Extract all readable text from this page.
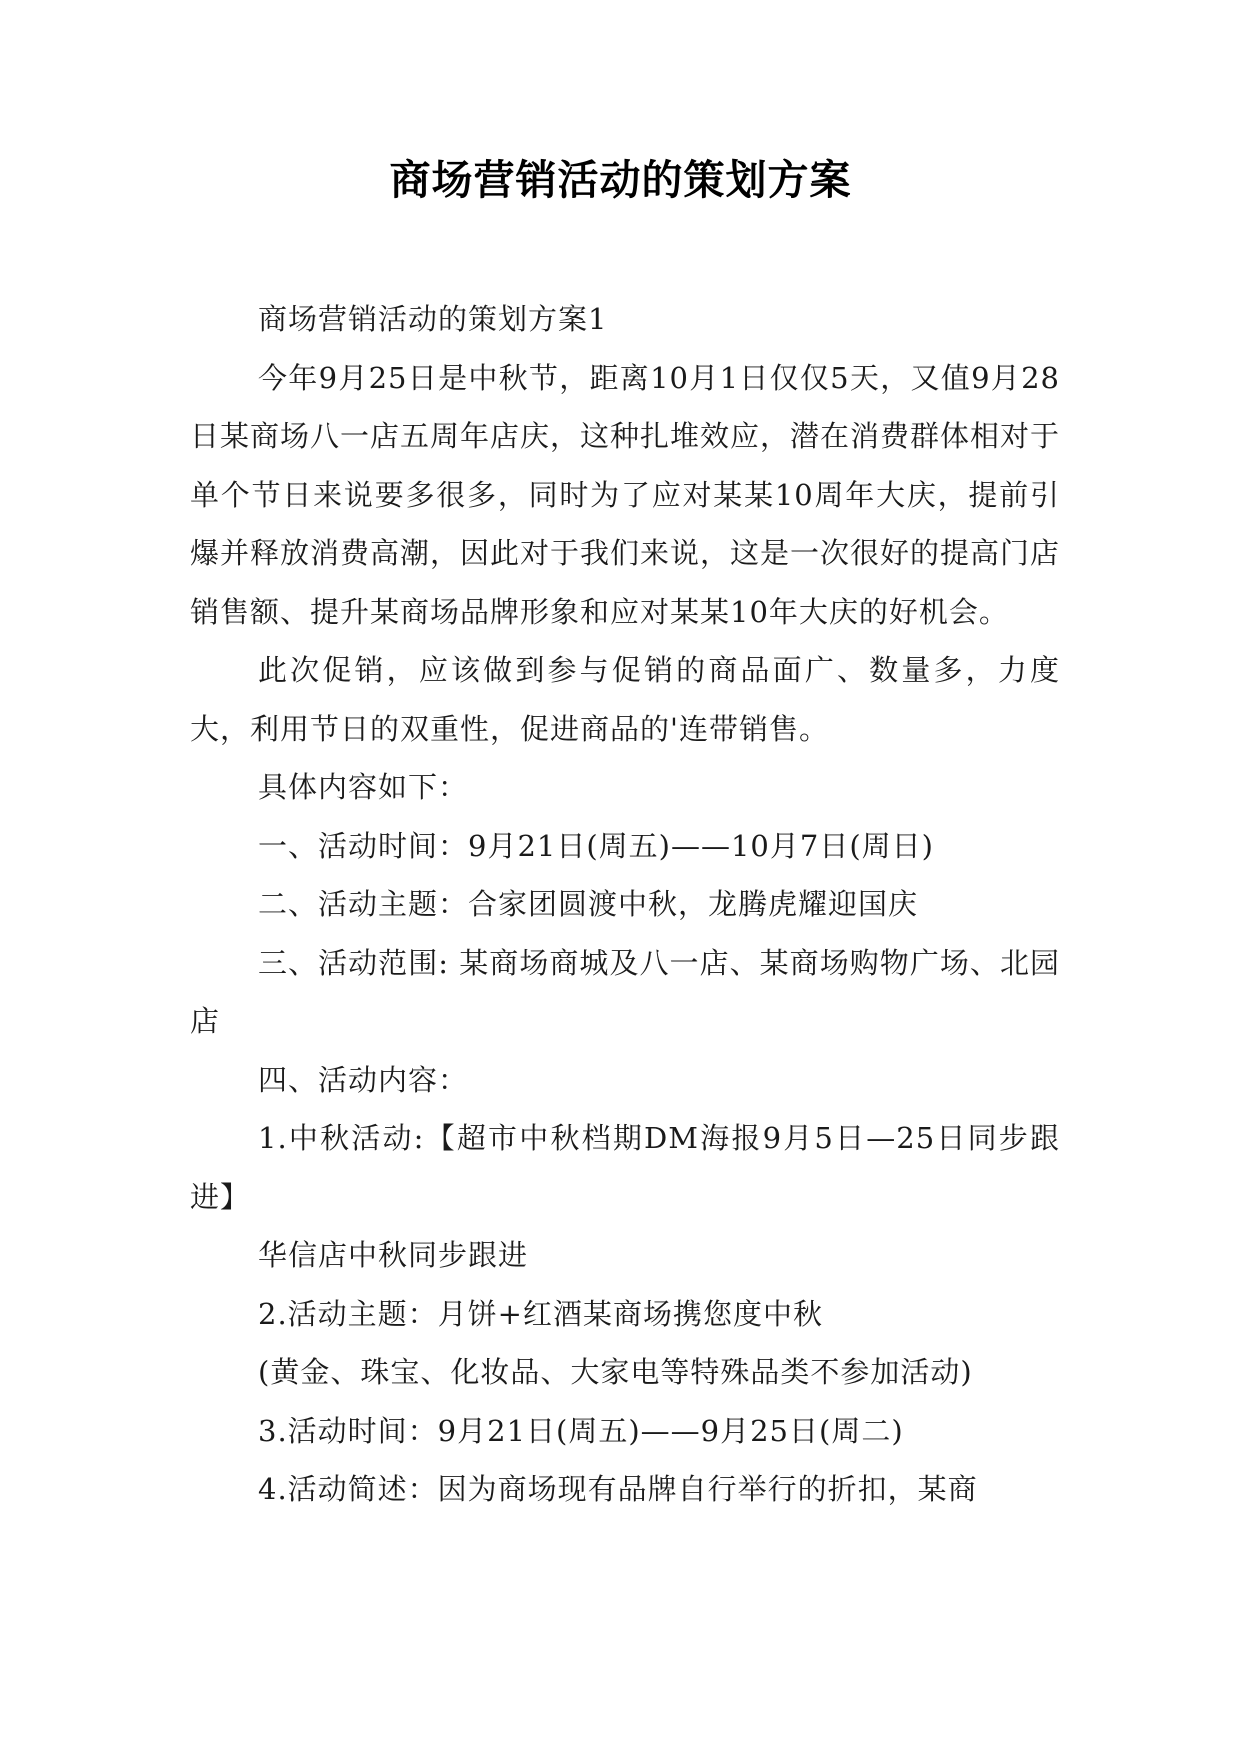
商场营销活动的策划方案

商场营销活动的策划方案1

今年9月25日是中秋节，距离10月1日仅仅5天，又值9月28日某商场八一店五周年店庆，这种扎堆效应，潜在消费群体相对于单个节日来说要多很多，同时为了应对某某10周年大庆，提前引爆并释放消费高潮，因此对于我们来说，这是一次很好的提高门店销售额、提升某商场品牌形象和应对某某10年大庆的好机会。

此次促销，应该做到参与促销的商品面广、数量多，力度大，利用节日的双重性，促进商品的'连带销售。

具体内容如下：

一、活动时间：9月21日(周五)——10月7日(周日)

二、活动主题：合家团圆渡中秋，龙腾虎耀迎国庆

三、活动范围: 某商场商城及八一店、某商场购物广场、北园店

四、活动内容：

1.中秋活动:【超市中秋档期DM海报9月5日—25日同步跟进】

华信店中秋同步跟进

2.活动主题：月饼+红酒某商场携您度中秋

(黄金、珠宝、化妆品、大家电等特殊品类不参加活动)

3.活动时间：9月21日(周五)——9月25日(周二)

4.活动简述：因为商场现有品牌自行举行的折扣，某商
